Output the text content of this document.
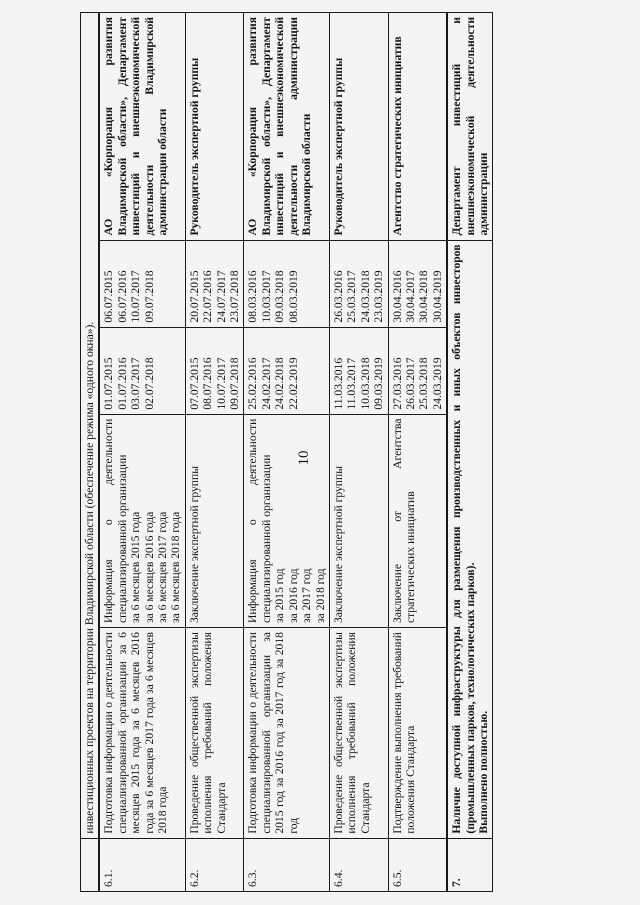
10
	инвестиционных проектов на территории Владимирской области (обеспечение режима «одного окна»).				
6.1.	Подготовка информации о деятельности специализированной организации за 6 месяцев 2015 года за 6 месяцев 2016 года за 6 месяцев 2017 года за 6 месяцев 2018 года	Информация о деятельности специализированной организации за 6 месяцев 2015 года за 6 месяцев 2016 года за 6 месяцев 2017 года за 6 месяцев 2018 года	01.07.2015 01.07.2016 03.07.2017 02.07.2018	06.07.2015 06.07.2016 10.07.2017 09.07.2018	АО «Корпорация развития Владимирской области», Департамент инвестиций и внешнеэкономической деятельности Владимирской администрации области
6.2.	Проведение общественной экспертизы исполнения требований положения Стандарта	Заключение экспертной группы	07.07.2015 08.07.2016 10.07.2017 09.07.2018	20.07.2015 22.07.2016 24.07.2017 23.07.2018	Руководитель экспертной группы
6.3.	Подготовка информации о деятельности специализированной организации за 2015 год за 2016 год за 2017 год за 2018 год	Информация о деятельности специализированной организации за 2015 год за 2016 год за 2017 год за 2018 год	25.02.2016 24.02.2017 24.02.2018 22.02.2019	08.03.2016 10.03.2017 09.03.2018 08.03.2019	АО «Корпорация развития Владимирской области», Департамент инвестиций и внешнеэкономической деятельности администрации Владимирской области
6.4.	Проведение общественной экспертизы исполнения требований положения Стандарта	Заключение экспертной группы	11.03.2016 11.03.2017 10.03.2018 09.03.2019	26.03.2016 25.03.2017 24.03.2018 23.03.2019	Руководитель экспертной группы
6.5.	Подтверждение выполнения требований положения Стандарта	Заключение от Агентства стратегических инициатив	27.03.2016 26.03.2017 25.03.2018 24.03.2019	30.04.2016 30.04.2017 30.04.2018 30.04.2019	Агентство стратегических инициатив
7.	Наличие доступной инфраструктуры для размещения производственных и иных объектов инвесторов (промышленных парков, технологических парков). Выполнено полностью.				Департамент инвестиций и внешнеэкономической деятельности администрации
